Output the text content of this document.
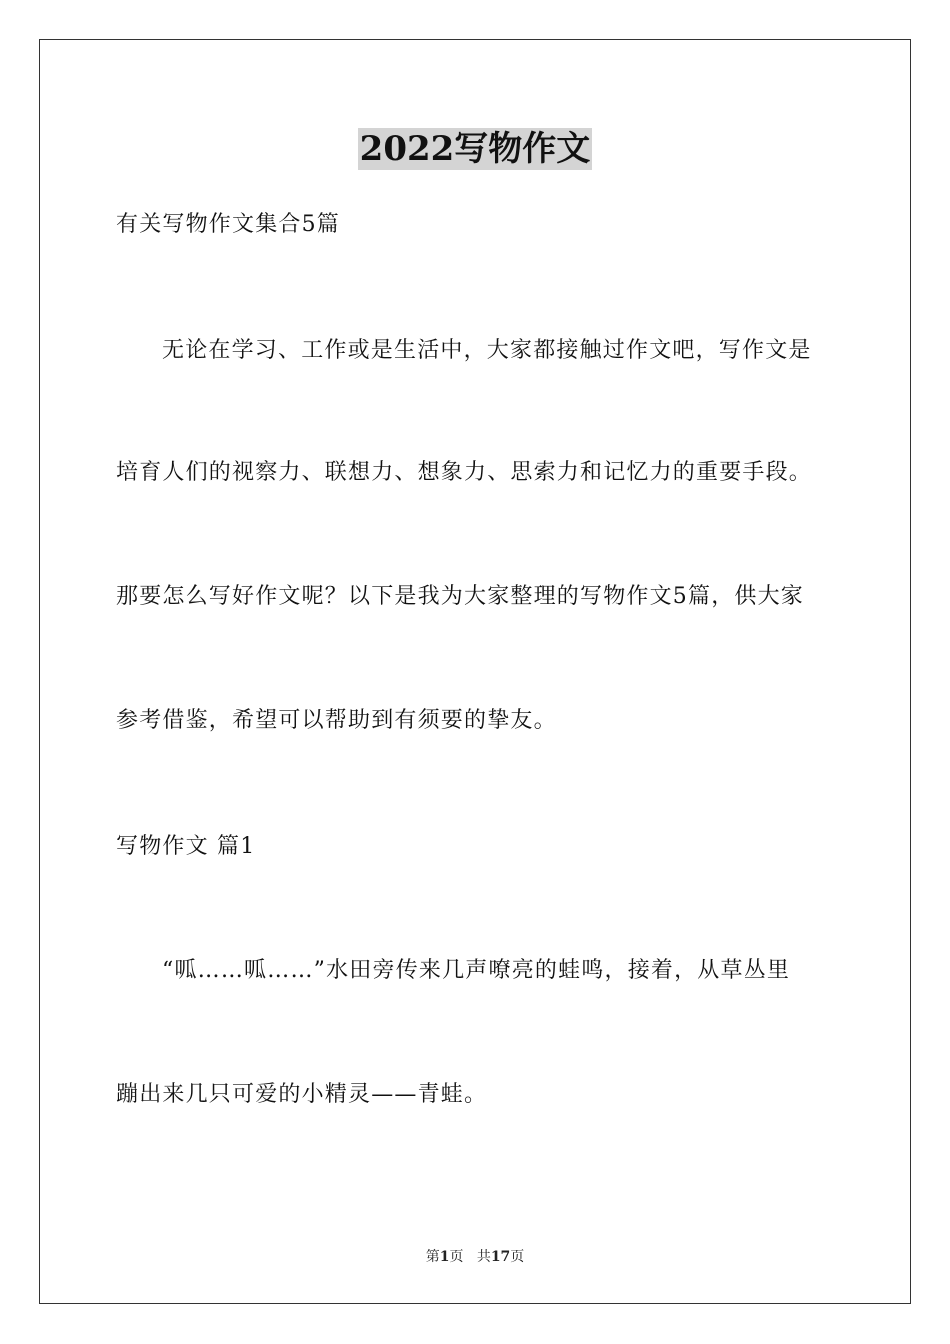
2022写物作文
有关写物作文集合5篇
无论在学习、工作或是生活中，大家都接触过作文吧，写作文是
培育人们的视察力、联想力、想象力、思索力和记忆力的重要手段。
那要怎么写好作文呢？以下是我为大家整理的写物作文5篇，供大家
参考借鉴，希望可以帮助到有须要的挚友。
写物作文 篇1
“呱……呱……”水田旁传来几声嘹亮的蛙鸣，接着，从草丛里
蹦出来几只可爱的小精灵——青蛙。
第1页 共17页
